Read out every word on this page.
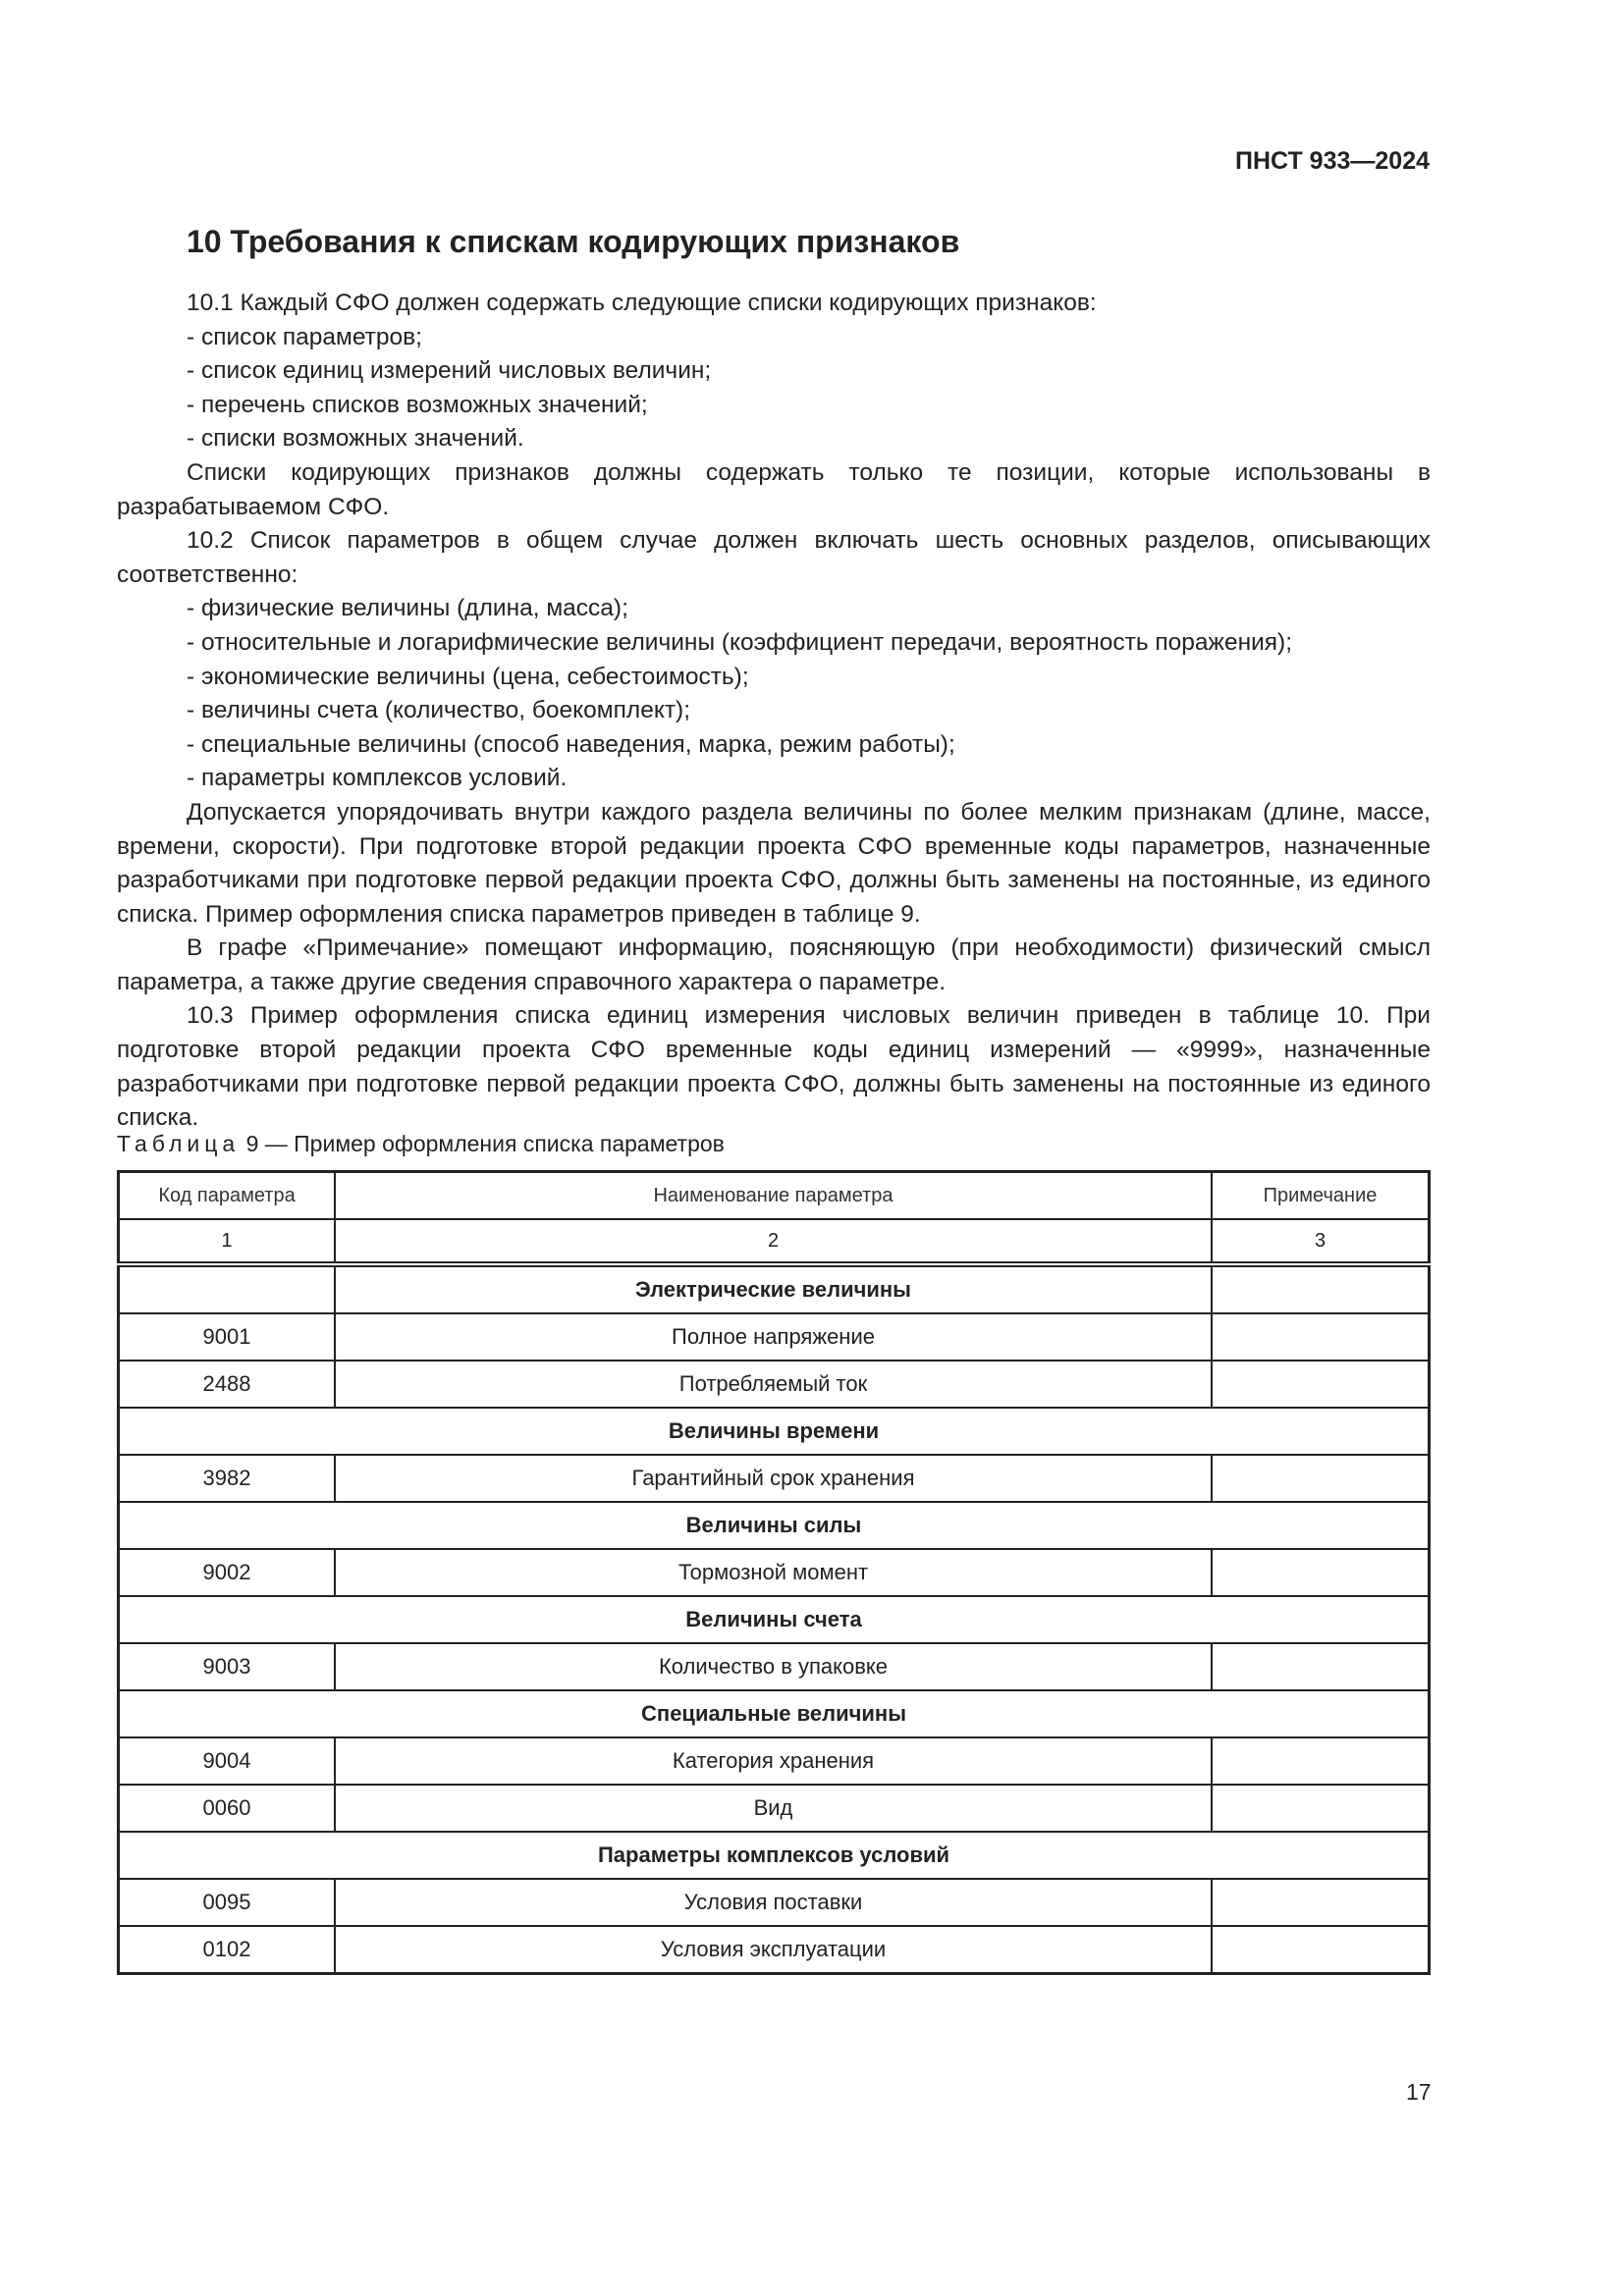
ПНСТ 933—2024
10 Требования к спискам кодирующих признаков

10.1 Каждый СФО должен содержать следующие списки кодирующих признаков:

- список параметров;

- список единиц измерений числовых величин;

- перечень списков возможных значений;

- списки возможных значений.

Списки кодирующих признаков должны содержать только те позиции, которые использованы в разрабатываемом СФО.

10.2 Список параметров в общем случае должен включать шесть основных разделов, описывающих соответственно:

- физические величины (длина, масса);

- относительные и логарифмические величины (коэффициент передачи, вероятность поражения);

- экономические величины (цена, себестоимость);

- величины счета (количество, боекомплект);

- специальные величины (способ наведения, марка, режим работы);

- параметры комплексов условий.

Допускается упорядочивать внутри каждого раздела величины по более мелким признакам (длине, массе, времени, скорости). При подготовке второй редакции проекта СФО временные коды параметров, назначенные разработчиками при подготовке первой редакции проекта СФО, должны быть заменены на постоянные, из единого списка. Пример оформления списка параметров приведен в таблице 9.

В графе «Примечание» помещают информацию, поясняющую (при необходимости) физический смысл параметра, а также другие сведения справочного характера о параметре.

10.3 Пример оформления списка единиц измерения числовых величин приведен в таблице 10. При подготовке второй редакции проекта СФО временные коды единиц измерений — «9999», назначенные разработчиками при подготовке первой редакции проекта СФО, должны быть заменены на постоянные из единого списка.

Таблица 9 — Пример оформления списка параметров
Код параметра	Наименование параметра	Примечание
1	2	3
	Электрические величины	
9001	Полное напряжение	
2488	Потребляемый ток	
Величины времени		
3982	Гарантийный срок хранения	
Величины силы		
9002	Тормозной момент	
Величины счета		
9003	Количество в упаковке	
Специальные величины		
9004	Категория хранения	
0060	Вид	
Параметры комплексов условий		
0095	Условия поставки	
0102	Условия эксплуатации	
17
